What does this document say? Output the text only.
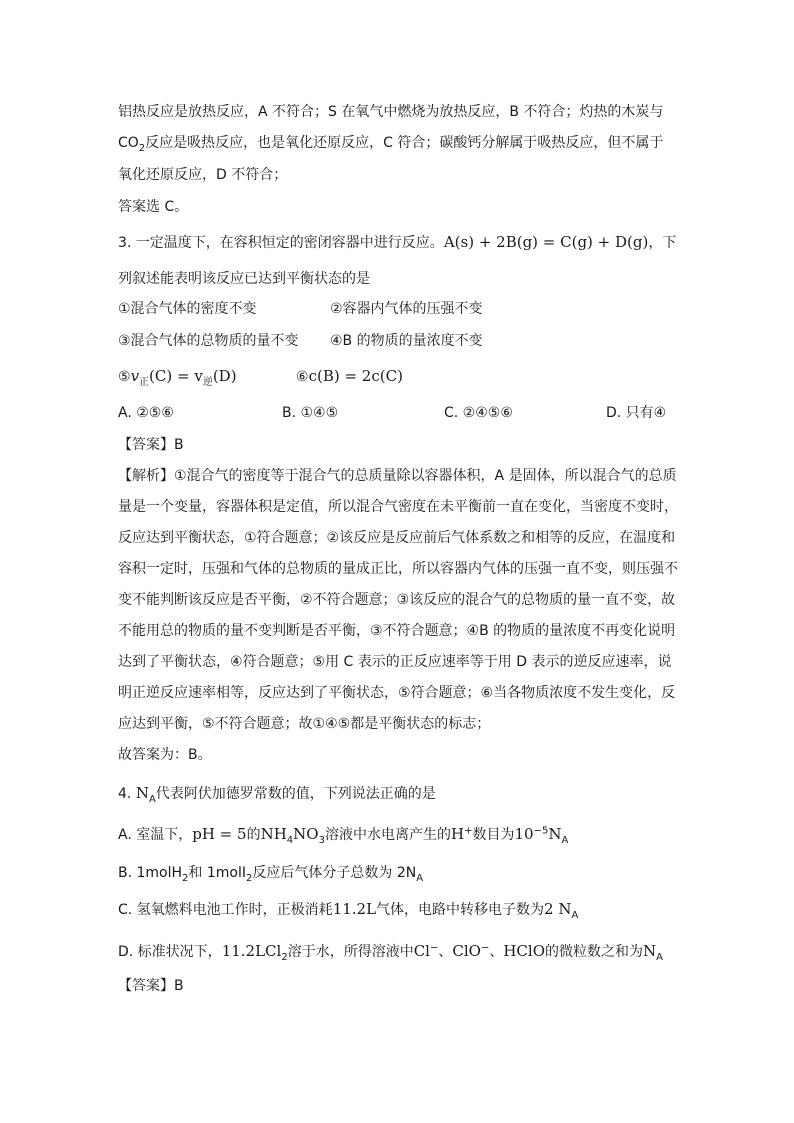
铝热反应是放热反应，A 不符合；S 在氧气中燃烧为放热反应，B 不符合；灼热的木炭与
$CO_2$反应是吸热反应，也是氧化还原反应，C 符合；碳酸钙分解属于吸热反应，但不属于
氧化还原反应，D 不符合；
答案选 C。
3. 一定温度下，在容积恒定的密闭容器中进行反应。A(s) + 2B(g) = C(g) + D(g)，下
列叙述能表明该反应已达到平衡状态的是
①混合气体的密度不变	②容器内气体的压强不变
③混合气体的总物质的量不变 ④B 的物质的量浓度不变
$⑤v_正(C) = v_逆(D)$	⑥c(B) = 2c(C)
A. ②⑤⑥	B. ①④⑤	C. ②④⑤⑥	D. 只有④
【答案】B
【解析】①混合气的密度等于混合气的总质量除以容器体积，A 是固体，所以混合气的总质
量是一个变量，容器体积是定值，所以混合气密度在未平衡前一直在变化，当密度不变时，
反应达到平衡状态，①符合题意；②该反应是反应前后气体系数之和相等的反应，在温度和
容积一定时，压强和气体的总物质的量成正比，所以容器内气体的压强一直不变，则压强不
变不能判断该反应是否平衡，②不符合题意；③该反应的混合气的总物质的量一直不变，故
不能用总的物质的量不变判断是否平衡，③不符合题意；④B 的物质的量浓度不再变化说明
达到了平衡状态，④符合题意；⑤用 C 表示的正反应速率等于用 D 表示的逆反应速率，说
明正逆反应速率相等，反应达到了平衡状态，⑤符合题意；⑥当各物质浓度不发生变化，反
应达到平衡，⑤不符合题意；故①④⑤都是平衡状态的标志；
故答案为：B。
4. $N_A$代表阿伏加德罗常数的值，下列说法正确的是
A. 室温下，pH = 5的$NH_4NO_3$溶液中水电离产生的H+数目为$10^{-5}N_A$
B. 1molH$_2$和 1molI$_2$反应后气体分子总数为 $2N_A$
C. 氢氧燃料电池工作时，正极消耗11.2L气体，电路中转移电子数为2 $N_A$
D. 标准状况下，11.2LCl$_2$溶于水，所得溶液中Cl−、ClO−、HClO的微粒数之和为$N_A$
【答案】B
